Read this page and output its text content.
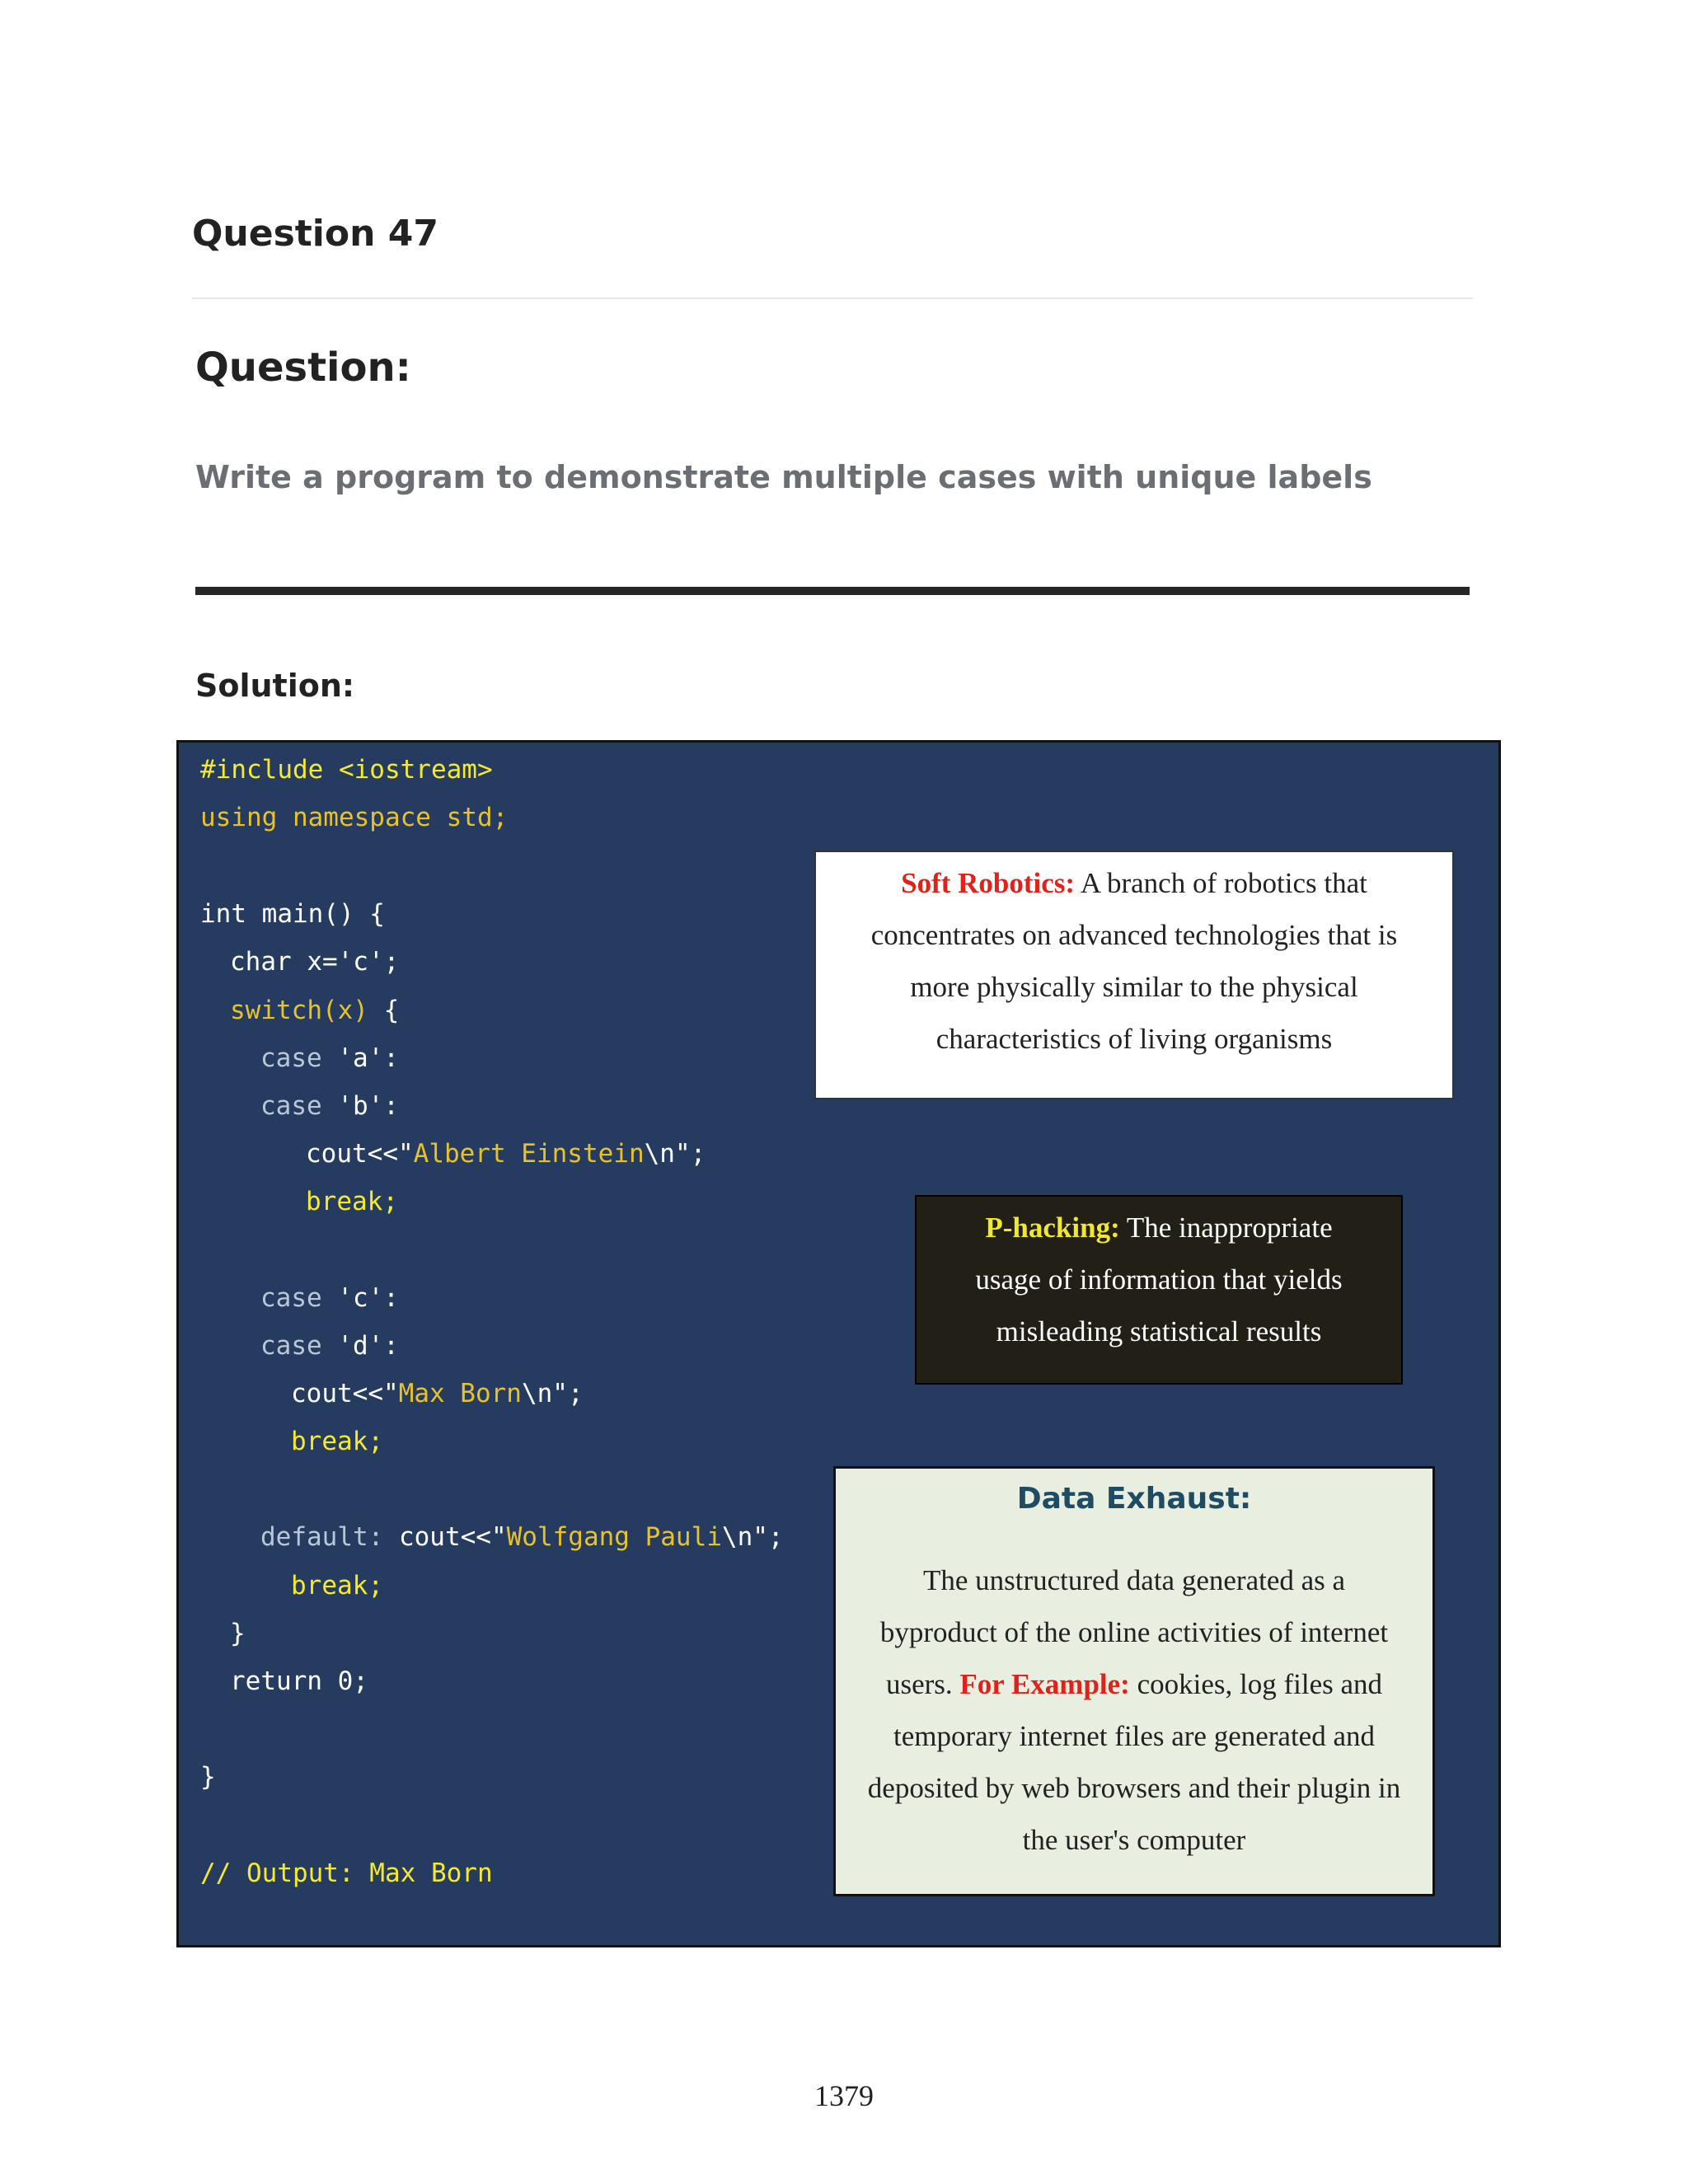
Question 47
Question:
Write a program to demonstrate multiple cases with unique labels
Solution:
#include <iostream>
using namespace std;
int main() {
char x='c';
switch(x) {
case 'a':
case 'b':
cout<<"Albert Einstein\n";
break;
case 'c':
case 'd':
cout<<"Max Born\n";
break;
default: cout<<"Wolfgang Pauli\n";
break;
}
return 0;
}
// Output: Max Born
Soft Robotics: A branch of robotics that
concentrates on advanced technologies that is
more physically similar to the physical
characteristics of living organisms
P-hacking: The inappropriate
usage of information that yields
misleading statistical results
Data Exhaust:
The unstructured data generated as a
byproduct of the online activities of internet
users. For Example: cookies, log files and
temporary internet files are generated and
deposited by web browsers and their plugin in
the user's computer
1379
